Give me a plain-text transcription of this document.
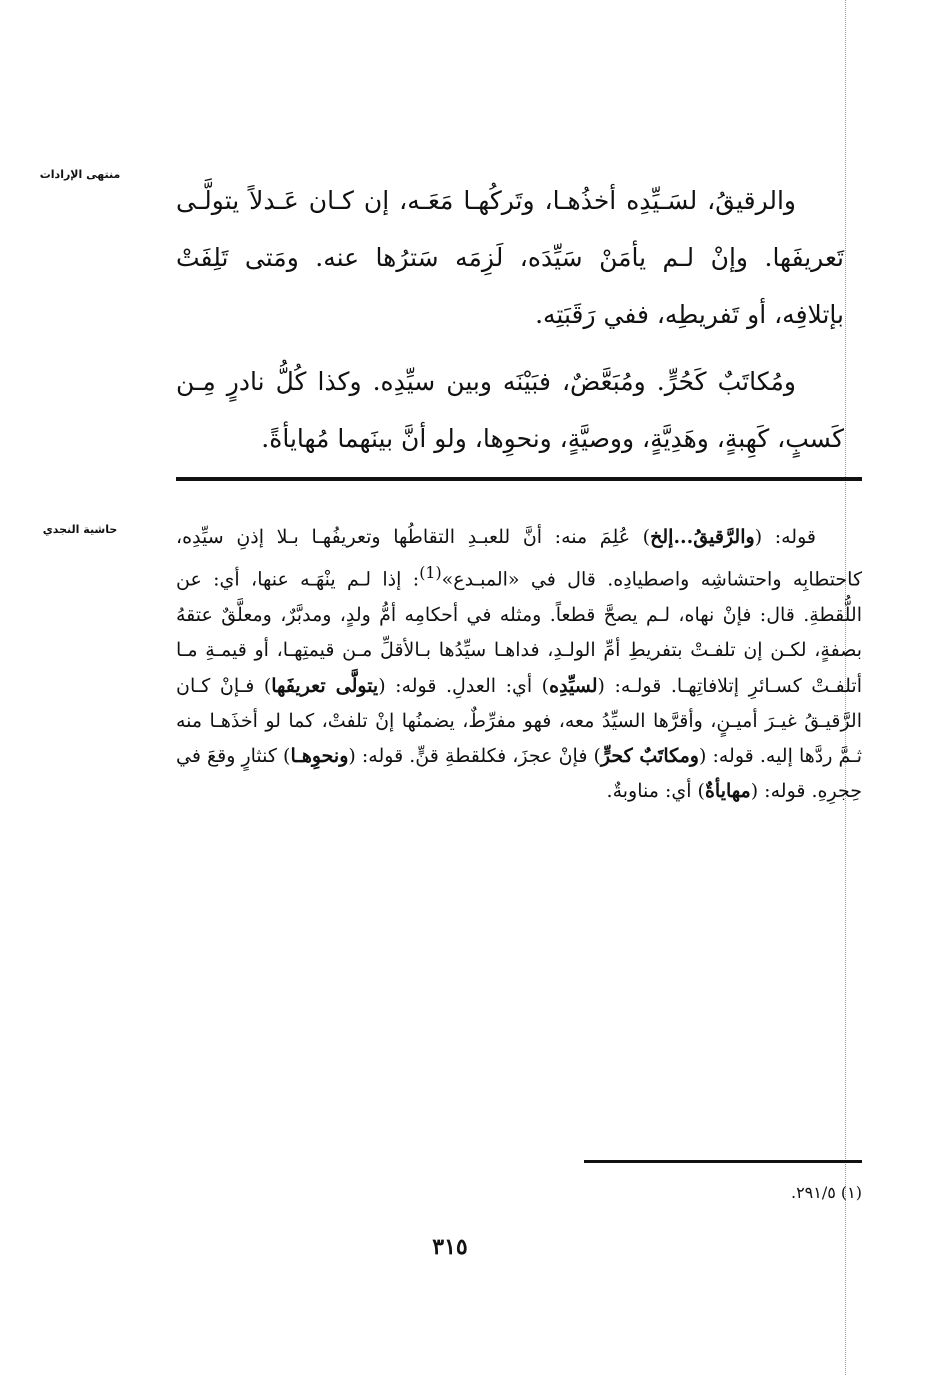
منتهى الإرادات
حاشية النجدي

والرقيقُ، لسَـيِّدِه أخذُهـا، وتَركُهـا مَعَـه، إن كـان عَـدلاً يتولَّـى تَعريفَها. وإنْ لـم يأمَنْ سَيِّدَه، لَزِمَه سَترُها عنه. ومَتى تَلِفَتْ بإتلافِه، أو تَفريطِه، ففي رَقَبَتِه.

ومُكاتَبٌ كَحُرٍّ. ومُبَعَّضٌ، فبَيْنَه وبين سيِّدِه. وكذا كُلُّ نادرٍ مِـن كَسبٍ، كَهِبةٍ، وهَدِيَّةٍ، ووصيَّةٍ، ونحوِها، ولو أنَّ بينَهما مُهايأةً.

قوله: (والرَّقيقُ...إلخ) عُلِمَ منه: أنَّ للعبـدِ التقاطُها وتعريفُهـا بـلا إذنِ سيِّدِه، كاحتطابِه واحتشاشِه واصطيادِه. قال في «المبـدع»$^{(1)}$: إذا لـم ينْهَـه عنها، أي: عن اللُّقطةِ. قال: فإنْ نهاه، لـم يصحَّ قطعاً. ومثله في أحكامِه أمُّ ولدٍ، ومدبَّرٌ، ومعلَّقٌ عتقهُ بصفةٍ، لكـن إن تلفـتْ بتفريطِ أمِّ الولـدِ، فداهـا سيِّدُها بـالأقلِّ مـن قيمتِهـا، أو قيمـةِ مـا أتلفـتْ كسـائرِ إتلافاتِهـا. قولـه: (لسيِّدِه) أي: العدلِ. قوله: (يتولَّى تعريفَها) فـإنْ كـان الرَّقيـقُ غيـرَ أميـنٍ، وأقرَّها السيِّدُ معه، فهو مفرِّطٌ، يضمنُها إنْ تلفتْ، كما لو أخذَهـا منه ثـمَّ ردَّها إليه. قوله: (ومكاتَبٌ كحرٍّ) فإنْ عجزَ، فكلقطةِ قنٍّ. قوله: (ونحوِهـا) كنثارٍ وقعَ في حِجرِهِ. قوله: (مهايأةٌ) أي: مناوبةٌ.

(١) ٢٩١/٥.
٣١٥
